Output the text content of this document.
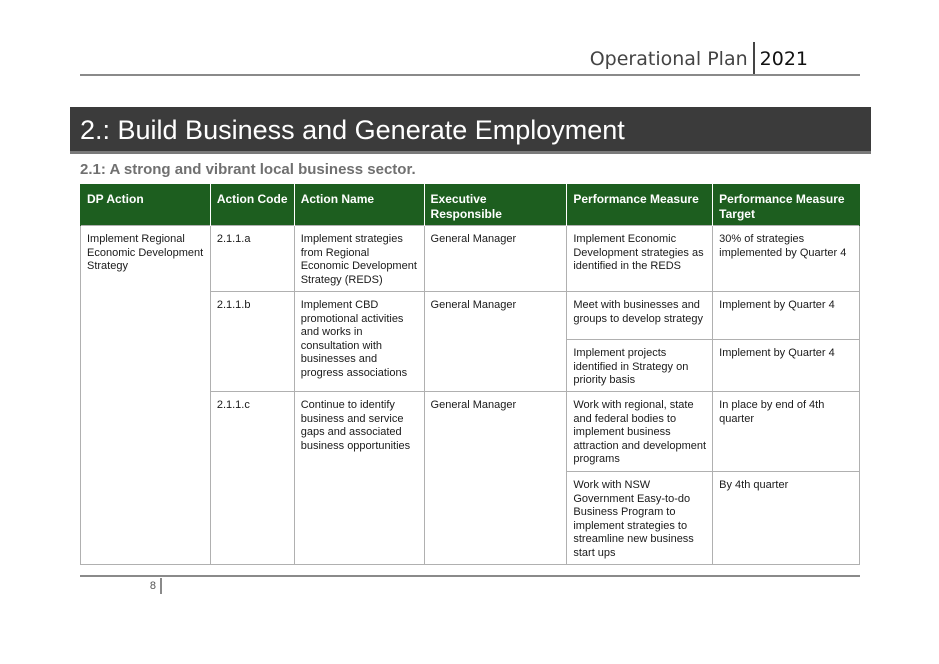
Operational Plan 2021
2.: Build Business and Generate Employment
2.1: A strong and vibrant local business sector.
DP Action	Action Code	Action Name	Executive Responsible	Performance Measure	Performance Measure Target
Implement Regional Economic Development Strategy	2.1.1.a	Implement strategies from Regional Economic Development Strategy (REDS)	General Manager	Implement Economic Development strategies as identified in the REDS	30% of strategies implemented by Quarter 4
	2.1.1.b	Implement CBD promotional activities and works in consultation with businesses and progress associations	General Manager	Meet with businesses and groups to develop strategy	Implement by Quarter 4
				Implement projects identified in Strategy on priority basis	Implement by Quarter 4
	2.1.1.c	Continue to identify business and service gaps and associated business opportunities	General Manager	Work with regional, state and federal bodies to implement business attraction and development programs	In place by end of 4th quarter
				Work with NSW Government Easy-to-do Business Program to implement strategies to streamline new business start ups	By 4th quarter
8
